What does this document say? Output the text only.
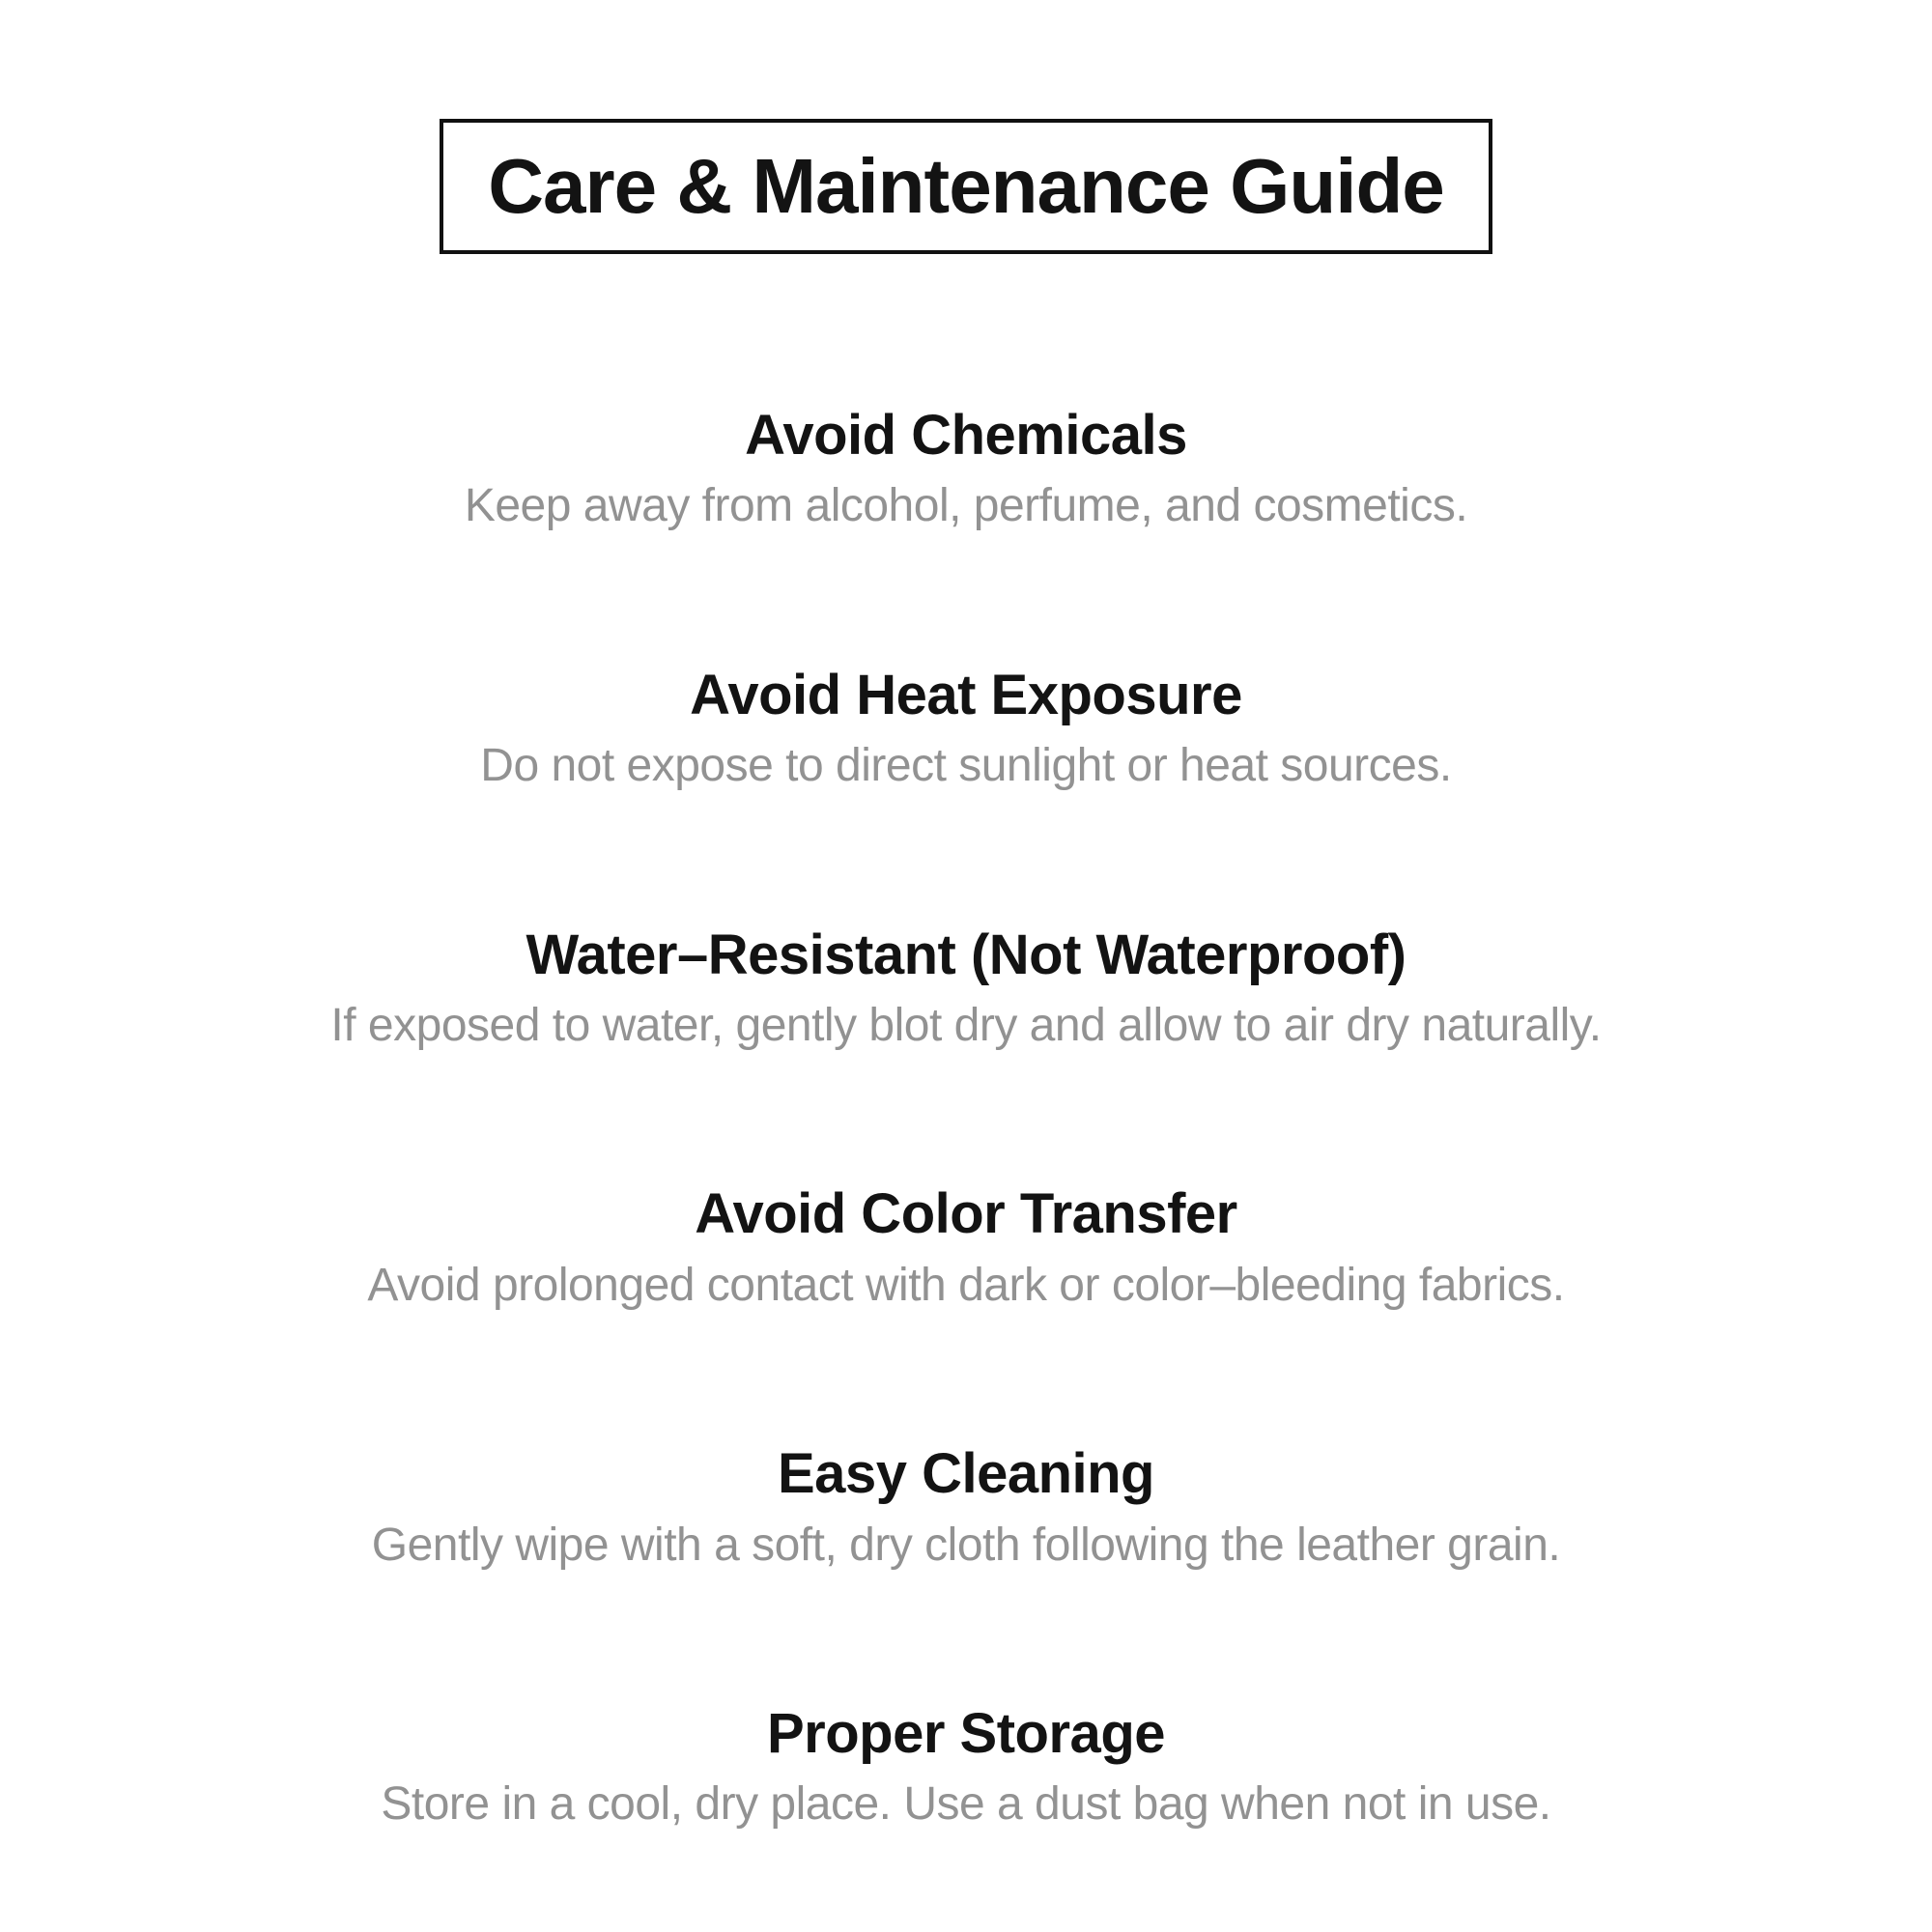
Care & Maintenance Guide
Avoid Chemicals
Keep away from alcohol, perfume, and cosmetics.
Avoid Heat Exposure
Do not expose to direct sunlight or heat sources.
Water–Resistant (Not Waterproof)
If exposed to water, gently blot dry and allow to air dry naturally.
Avoid Color Transfer
Avoid prolonged contact with dark or color–bleeding fabrics.
Easy Cleaning
Gently wipe with a soft, dry cloth following the leather grain.
Proper Storage
Store in a cool, dry place. Use a dust bag when not in use.
